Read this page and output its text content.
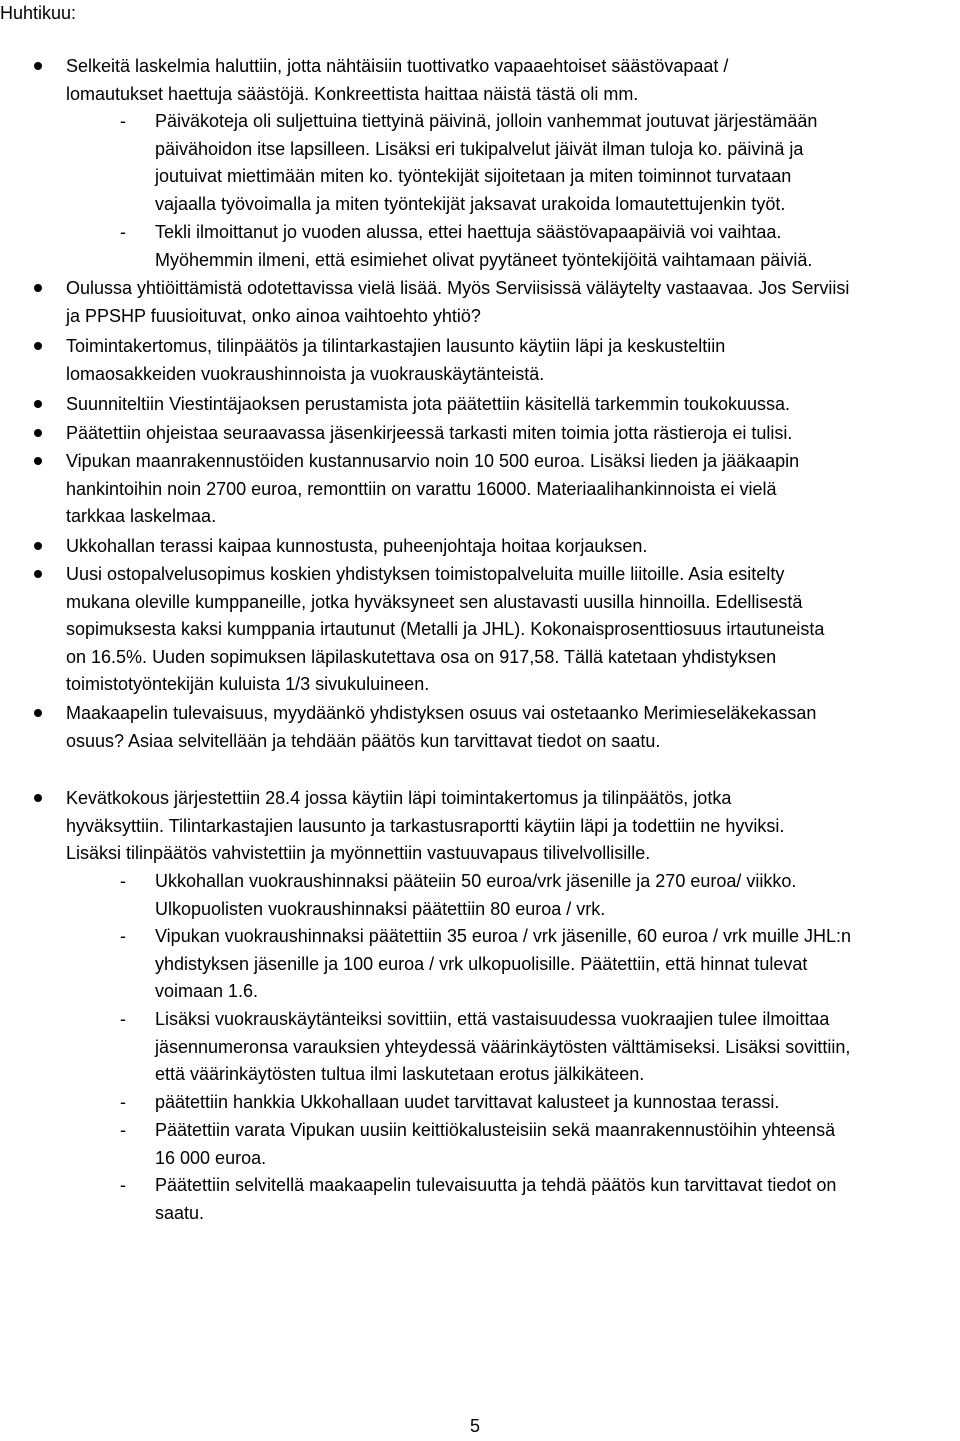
Huhtikuu:
Selkeitä laskelmia haluttiin, jotta nähtäisiin tuottivatko vapaaehtoiset säästövapaat /
lomautukset haettuja säästöjä. Konkreettista haittaa näistä tästä oli mm.
Päiväkoteja oli suljettuina tiettyinä päivinä, jolloin vanhemmat joutuvat järjestämään
päivähoidon itse lapsilleen. Lisäksi eri tukipalvelut jäivät ilman tuloja ko. päivinä ja
joutuivat miettimään miten ko. työntekijät sijoitetaan ja miten toiminnot turvataan
vajaalla työvoimalla ja miten työntekijät jaksavat urakoida lomautettujenkin työt.
Tekli ilmoittanut jo vuoden alussa, ettei haettuja säästövapaapäiviä voi vaihtaa.
Myöhemmin ilmeni, että esimiehet olivat pyytäneet työntekijöitä vaihtamaan päiviä.
Oulussa yhtiöittämistä odotettavissa vielä lisää. Myös Serviisissä väläytelty vastaavaa. Jos Serviisi
ja PPSHP fuusioituvat, onko ainoa vaihtoehto yhtiö?
Toimintakertomus, tilinpäätös ja tilintarkastajien lausunto käytiin läpi ja keskusteltiin
lomaosakkeiden vuokraushinnoista ja vuokrauskäytänteistä.
Suunniteltiin Viestintäjaoksen perustamista jota päätettiin käsitellä tarkemmin toukokuussa.
Päätettiin ohjeistaa seuraavassa jäsenkirjeessä tarkasti miten toimia jotta rästieroja ei tulisi.
Vipukan maanrakennustöiden kustannusarvio noin 10 500 euroa. Lisäksi lieden ja jääkaapin
hankintoihin noin 2700 euroa, remonttiin on varattu 16000. Materiaalihankinnoista ei vielä
tarkkaa laskelmaa.
Ukkohallan terassi kaipaa kunnostusta, puheenjohtaja hoitaa korjauksen.
Uusi ostopalvelusopimus koskien yhdistyksen toimistopalveluita muille liitoille. Asia esitelty
mukana oleville kumppaneille, jotka hyväksyneet sen alustavasti uusilla hinnoilla. Edellisestä
sopimuksesta kaksi kumppania irtautunut (Metalli ja JHL). Kokonaisprosenttiosuus irtautuneista
on 16.5%. Uuden sopimuksen läpilaskutettava osa on 917,58. Tällä katetaan yhdistyksen
toimistotyöntekijän kuluista 1/3 sivukuluineen.
Maakaapelin tulevaisuus, myydäänkö yhdistyksen osuus vai ostetaanko Merimieseläkekassan
osuus? Asiaa selvitellään ja tehdään päätös kun tarvittavat tiedot on saatu.
Kevätkokous järjestettiin 28.4 jossa käytiin läpi toimintakertomus ja tilinpäätös, jotka
hyväksyttiin. Tilintarkastajien lausunto ja tarkastusraportti käytiin läpi ja todettiin ne hyviksi.
Lisäksi tilinpäätös vahvistettiin ja myönnettiin vastuuvapaus tilivelvollisille.
Ukkohallan vuokraushinnaksi pääteiin 50 euroa/vrk jäsenille ja 270 euroa/ viikko.
Ulkopuolisten vuokraushinnaksi päätettiin 80 euroa / vrk.
Vipukan vuokraushinnaksi päätettiin 35 euroa / vrk jäsenille, 60 euroa / vrk muille JHL:n
yhdistyksen jäsenille ja 100 euroa / vrk ulkopuolisille. Päätettiin, että hinnat tulevat
voimaan 1.6.
Lisäksi vuokrauskäytänteiksi sovittiin, että vastaisuudessa vuokraajien tulee ilmoittaa
jäsennumeronsa varauksien yhteydessä väärinkäytösten välttämiseksi. Lisäksi sovittiin,
että väärinkäytösten tultua ilmi laskutetaan erotus jälkikäteen.
päätettiin hankkia Ukkohallaan uudet tarvittavat kalusteet ja kunnostaa terassi.
Päätettiin varata Vipukan uusiin keittiökalusteisiin sekä maanrakennustöihin yhteensä
16 000 euroa.
Päätettiin selvitellä maakaapelin tulevaisuutta ja tehdä päätös kun tarvittavat tiedot on
saatu.
5
